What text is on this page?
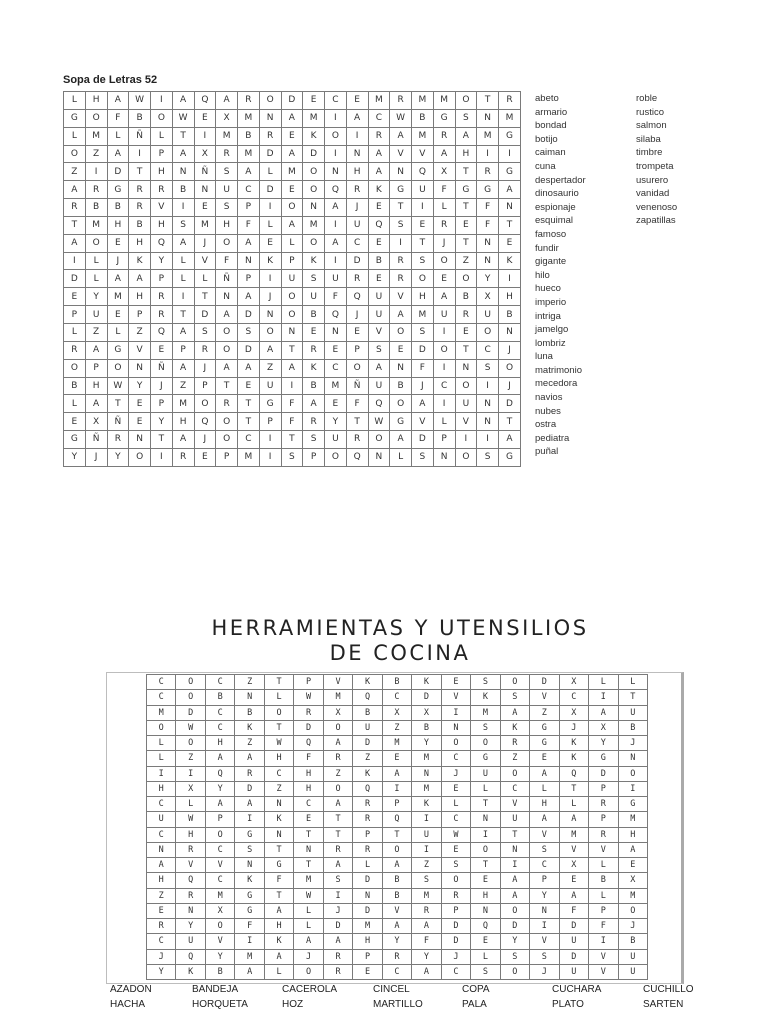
Sopa de Letras 52
L	H	A	W	I	A	Q	A	R	O	D	E	C	E	M	R	M	M	O	T	R
G	O	F	B	O	W	E	X	M	N	A	M	I	A	C	W	B	G	S	N	M
L	M	L	Ñ	L	T	I	M	B	R	E	K	O	I	R	A	M	R	A	M	G
O	Z	A	I	P	A	X	R	M	D	A	D	I	N	A	V	V	A	H	I	I
Z	I	D	T	H	N	Ñ	S	A	L	M	O	N	H	A	N	Q	X	T	R	G
A	R	G	R	R	B	N	U	C	D	E	O	Q	R	K	G	U	F	G	G	A
R	B	B	R	V	I	E	S	P	I	O	N	A	J	E	T	I	L	T	F	N
T	M	H	B	H	S	M	H	F	L	A	M	I	U	Q	S	E	R	E	F	T
A	O	E	H	Q	A	J	O	A	E	L	O	A	C	E	I	T	J	T	N	E
I	L	J	K	Y	L	V	F	N	K	P	K	I	D	B	R	S	O	Z	N	K
D	L	A	A	P	L	L	Ñ	P	I	U	S	U	R	E	R	O	E	O	Y	I
E	Y	M	H	R	I	T	N	A	J	O	U	F	Q	U	V	H	A	B	X	H
P	U	E	P	R	T	D	A	D	N	O	B	Q	J	U	A	M	U	R	U	B
L	Z	L	Z	Q	A	S	O	S	O	N	E	N	E	V	O	S	I	E	O	N
R	A	G	V	E	P	R	O	D	A	T	R	E	P	S	E	D	O	T	C	J
O	P	O	N	Ñ	A	J	A	A	Z	A	K	C	O	A	N	F	I	N	S	O
B	H	W	Y	J	Z	P	T	E	U	I	B	M	Ñ	U	B	J	C	O	I	J
L	A	T	E	P	M	O	R	T	G	F	A	E	F	Q	O	A	I	U	N	D
E	X	Ñ	E	Y	H	Q	O	T	P	F	R	Y	T	W	G	V	L	V	N	T
G	Ñ	R	N	T	A	J	O	C	I	T	S	U	R	O	A	D	P	I	I	A
Y	J	Y	O	I	R	E	P	M	I	S	P	O	Q	N	L	S	N	O	S	G
abeto
armario
bondad
botijo
caiman
cuna
despertador
dinosaurio
espionaje
esquimal
famoso
fundir
gigante
hilo
hueco
imperio
intriga
jamelgo
lombriz
luna
matrimonio
mecedora
navios
nubes
ostra
pediatra
puñal
roble
rustico
salmon
silaba
timbre
trompeta
usurero
vanidad
venenoso
zapatillas
HERRAMIENTAS Y UTENSILIOS
DE COCINA
C	O	C	Z	T	P	V	K	B	K	E	S	O	D	X	L	L
C	O	B	N	L	W	M	Q	C	D	V	K	S	V	C	I	T
M	D	C	B	O	R	X	B	X	X	I	M	A	Z	X	A	U
O	W	C	K	T	D	O	U	Z	B	N	S	K	G	J	X	B
L	O	H	Z	W	Q	A	D	M	Y	O	O	R	G	K	Y	J
L	Z	A	A	H	F	R	Z	E	M	C	G	Z	E	K	G	N
I	I	Q	R	C	H	Z	K	A	N	J	U	O	A	Q	D	O
H	X	Y	D	Z	H	O	Q	I	M	E	L	C	L	T	P	I
C	L	A	A	N	C	A	R	P	K	L	T	V	H	L	R	G
U	W	P	I	K	E	T	R	Q	I	C	N	U	A	A	P	M
C	H	O	G	N	T	T	P	T	U	W	I	T	V	M	R	H
N	R	C	S	T	N	R	R	O	I	E	O	N	S	V	V	A
A	V	V	N	G	T	A	L	A	Z	S	T	I	C	X	L	E
H	Q	C	K	F	M	S	D	B	S	O	E	A	P	E	B	X
Z	R	M	G	T	W	I	N	B	M	R	H	A	Y	A	L	M
E	N	X	G	A	L	J	D	V	R	P	N	O	N	F	P	O
R	Y	O	F	H	L	D	M	A	A	D	Q	D	I	D	F	J
C	U	V	I	K	A	A	H	Y	F	D	E	Y	V	U	I	B
J	Q	Y	M	A	J	R	P	R	Y	J	L	S	S	D	V	U
Y	K	B	A	L	O	R	E	C	A	C	S	O	J	U	V	U
AZADON	BANDEJA	CACEROLA	CINCEL	COPA	CUCHARA	CUCHILLO
HACHA	HORQUETA	HOZ	MARTILLO	PALA	PLATO	SARTEN
